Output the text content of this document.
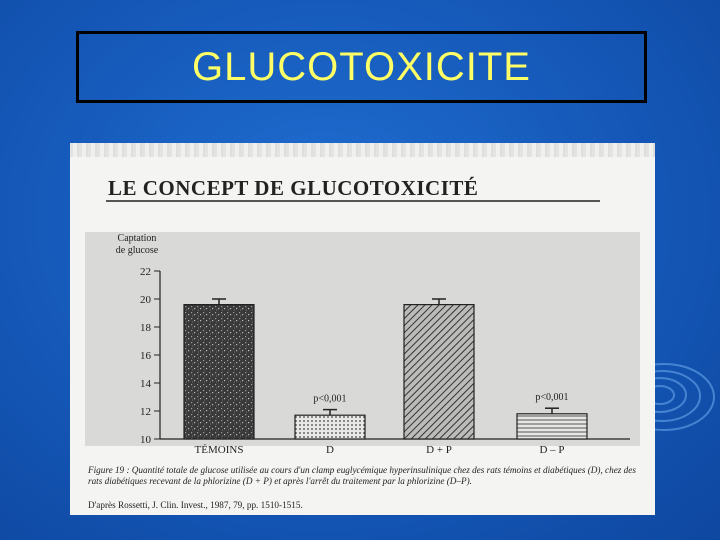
GLUCOTOXICITE
LE CONCEPT DE GLUCOTOXICITÉ
Captation
de glucose
10
12
14
16
18
20
22
p<0,001	p<0,001
TÉMOINS	D	D + P	D – P
Figure 19 : Quantité totale de glucose utilisée au cours d'un clamp euglycémique hyperinsulinique chez des rats témoins et diabétiques (D), chez des rats diabétiques recevant de la phlorizine (D + P) et après l'arrêt du traitement par la phlorizine (D–P).
D'après Rossetti, J. Clin. Invest., 1987, 79, pp. 1510-1515.
